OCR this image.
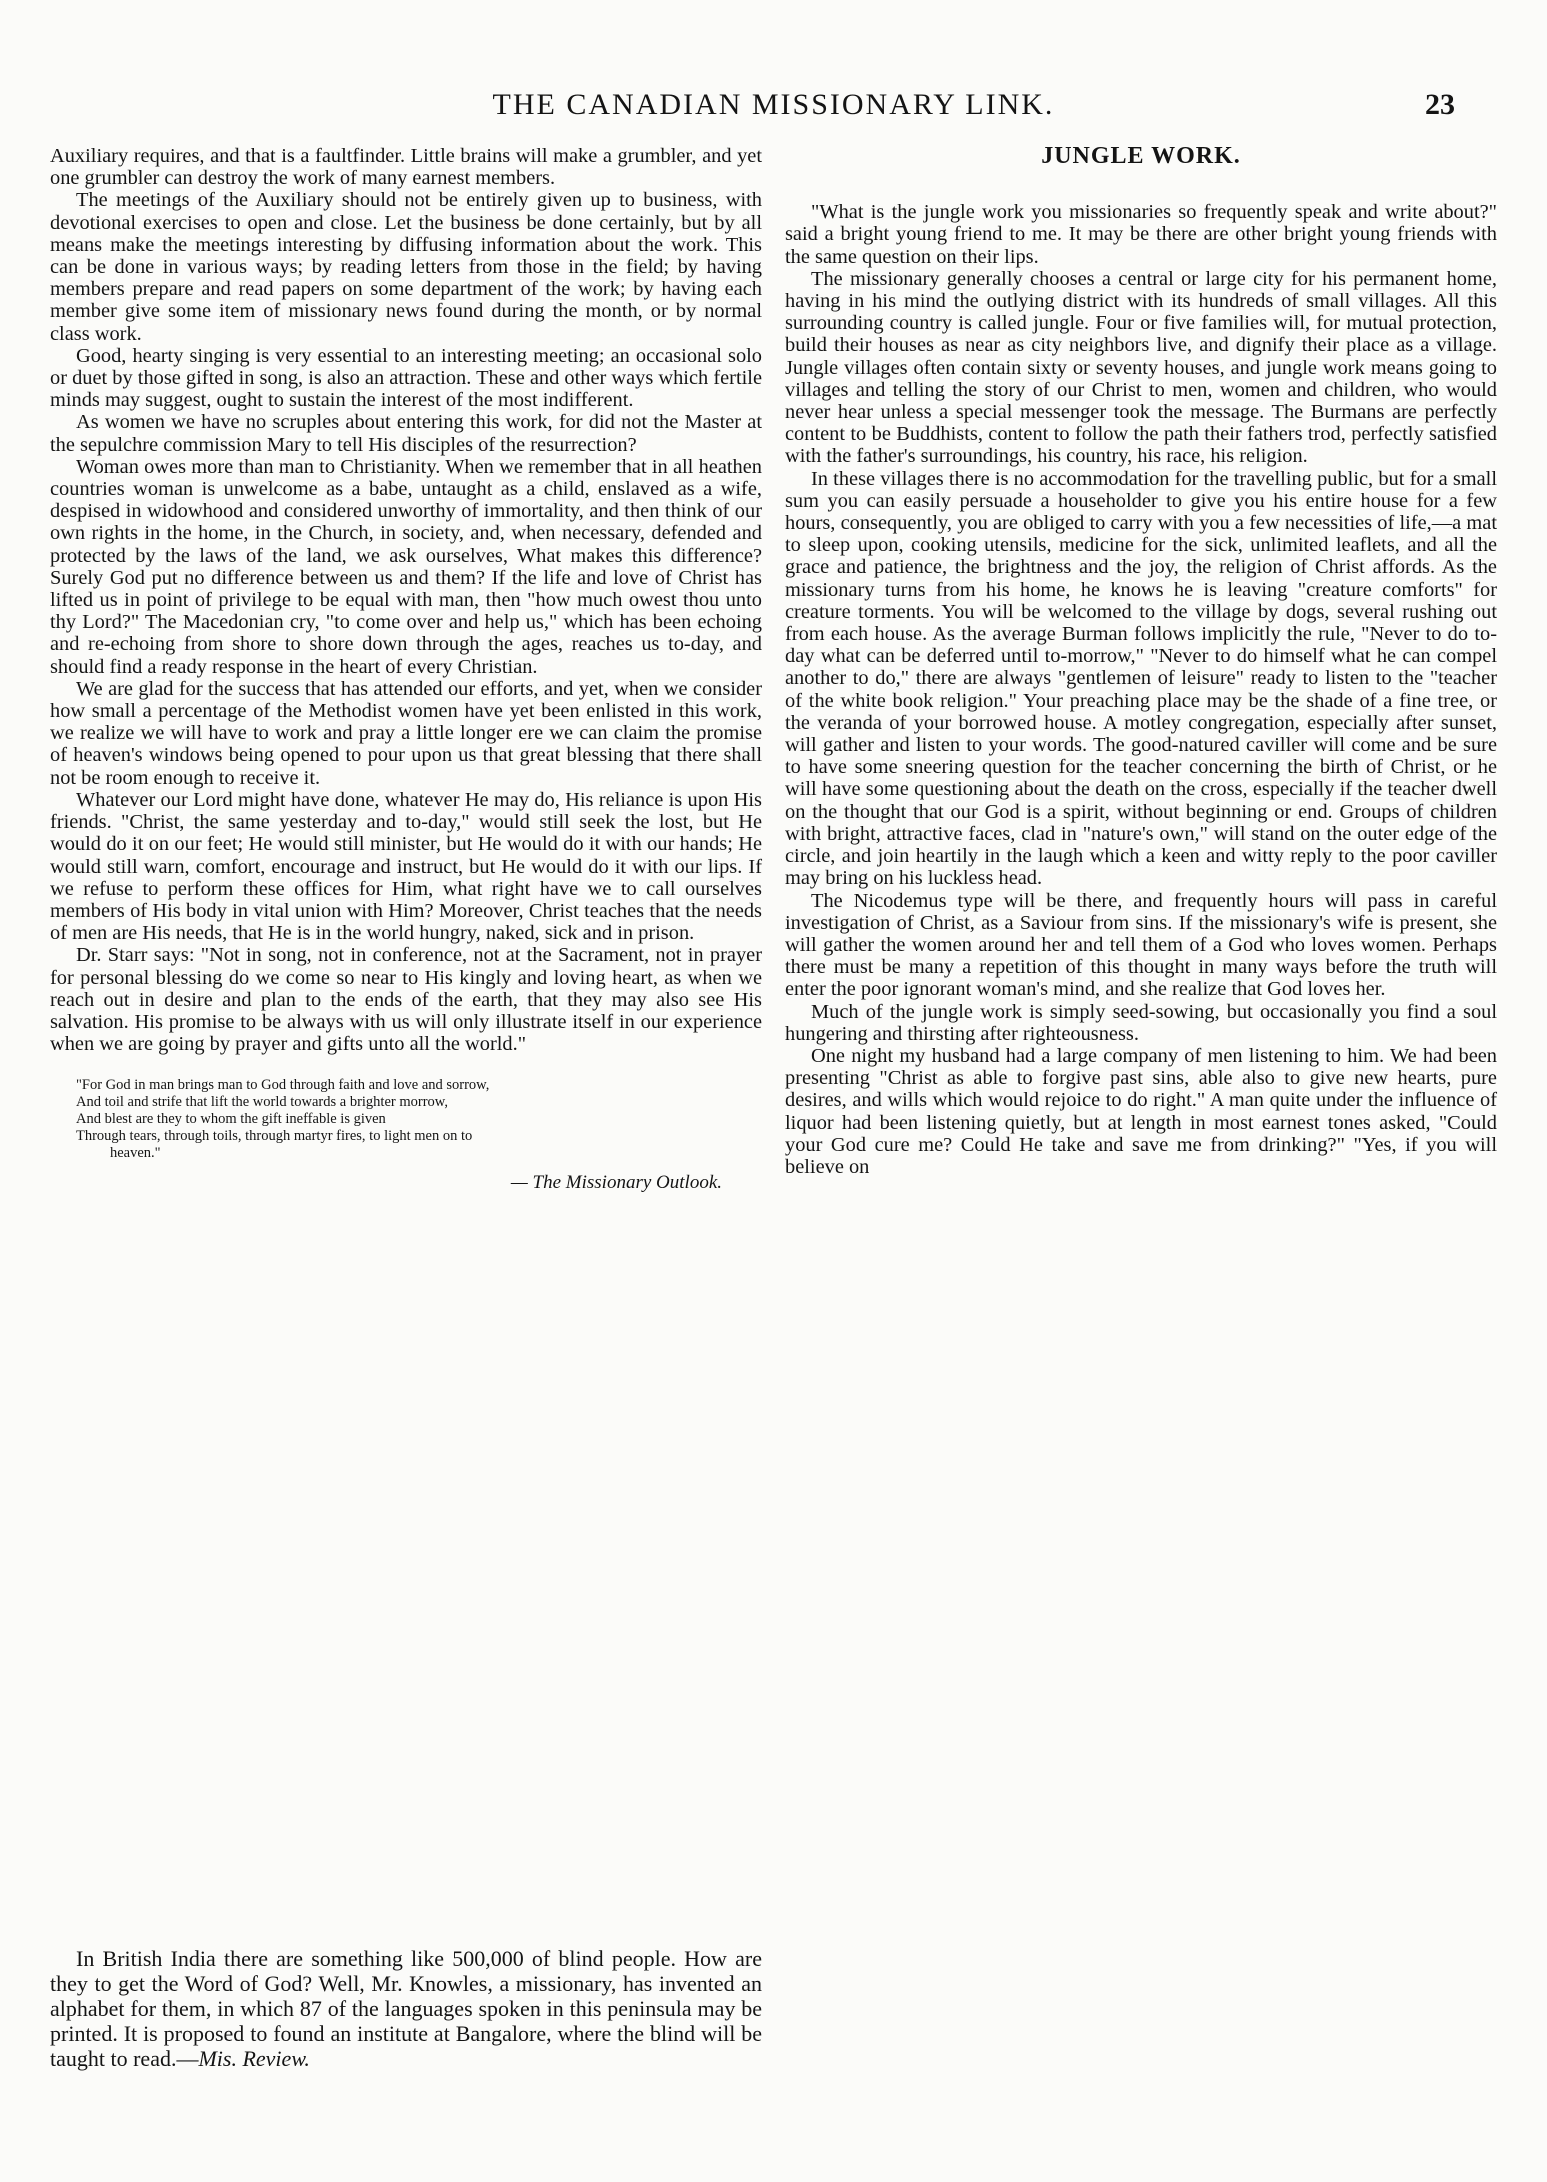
THE CANADIAN MISSIONARY LINK.	23

Auxiliary requires, and that is a faultfinder. Little brains will make a grumbler, and yet one grumbler can destroy the work of many earnest members.

The meetings of the Auxiliary should not be entirely given up to business, with devotional exercises to open and close. Let the business be done certainly, but by all means make the meetings interesting by diffusing information about the work. This can be done in various ways; by reading letters from those in the field; by having members prepare and read papers on some department of the work; by having each member give some item of missionary news found during the month, or by normal class work.

Good, hearty singing is very essential to an interesting meeting; an occasional solo or duet by those gifted in song, is also an attraction. These and other ways which fertile minds may suggest, ought to sustain the interest of the most indifferent.

As women we have no scruples about entering this work, for did not the Master at the sepulchre commission Mary to tell His disciples of the resurrection?

Woman owes more than man to Christianity. When we remember that in all heathen countries woman is unwelcome as a babe, untaught as a child, enslaved as a wife, despised in widowhood and considered unworthy of immortality, and then think of our own rights in the home, in the Church, in society, and, when necessary, defended and protected by the laws of the land, we ask ourselves, What makes this difference? Surely God put no difference between us and them? If the life and love of Christ has lifted us in point of privilege to be equal with man, then "how much owest thou unto thy Lord?" The Macedonian cry, "to come over and help us," which has been echoing and re-echoing from shore to shore down through the ages, reaches us to-day, and should find a ready response in the heart of every Christian.

We are glad for the success that has attended our efforts, and yet, when we consider how small a percentage of the Methodist women have yet been enlisted in this work, we realize we will have to work and pray a little longer ere we can claim the promise of heaven's windows being opened to pour upon us that great blessing that there shall not be room enough to receive it.

Whatever our Lord might have done, whatever He may do, His reliance is upon His friends. "Christ, the same yesterday and to-day," would still seek the lost, but He would do it on our feet; He would still minister, but He would do it with our hands; He would still warn, comfort, encourage and instruct, but He would do it with our lips. If we refuse to perform these offices for Him, what right have we to call ourselves members of His body in vital union with Him? Moreover, Christ teaches that the needs of men are His needs, that He is in the world hungry, naked, sick and in prison.

Dr. Starr says: "Not in song, not in conference, not at the Sacrament, not in prayer for personal blessing do we come so near to His kingly and loving heart, as when we reach out in desire and plan to the ends of the earth, that they may also see His salvation. His promise to be always with us will only illustrate itself in our experience when we are going by prayer and gifts unto all the world."

"For God in man brings man to God through faith and love and sorrow,
And toil and strife that lift the world towards a brighter morrow,
And blest are they to whom the gift ineffable is given
Through tears, through toils, through martyr fires, to light men on to
heaven."
— The Missionary Outlook.

In British India there are something like 500,000 of blind people. How are they to get the Word of God? Well, Mr. Knowles, a missionary, has invented an alphabet for them, in which 87 of the languages spoken in this peninsula may be printed. It is proposed to found an institute at Bangalore, where the blind will be taught to read.—Mis. Review.

JUNGLE WORK.

"What is the jungle work you missionaries so frequently speak and write about?" said a bright young friend to me. It may be there are other bright young friends with the same question on their lips.

The missionary generally chooses a central or large city for his permanent home, having in his mind the outlying district with its hundreds of small villages. All this surrounding country is called jungle. Four or five families will, for mutual protection, build their houses as near as city neighbors live, and dignify their place as a village. Jungle villages often contain sixty or seventy houses, and jungle work means going to villages and telling the story of our Christ to men, women and children, who would never hear unless a special messenger took the message. The Burmans are perfectly content to be Buddhists, content to follow the path their fathers trod, perfectly satisfied with the father's surroundings, his country, his race, his religion.

In these villages there is no accommodation for the travelling public, but for a small sum you can easily persuade a householder to give you his entire house for a few hours, consequently, you are obliged to carry with you a few necessities of life,—a mat to sleep upon, cooking utensils, medicine for the sick, unlimited leaflets, and all the grace and patience, the brightness and the joy, the religion of Christ affords. As the missionary turns from his home, he knows he is leaving "creature comforts" for creature torments. You will be welcomed to the village by dogs, several rushing out from each house. As the average Burman follows implicitly the rule, "Never to do to-day what can be deferred until to-morrow," "Never to do himself what he can compel another to do," there are always "gentlemen of leisure" ready to listen to the "teacher of the white book religion." Your preaching place may be the shade of a fine tree, or the veranda of your borrowed house. A motley congregation, especially after sunset, will gather and listen to your words. The good-natured caviller will come and be sure to have some sneering question for the teacher concerning the birth of Christ, or he will have some questioning about the death on the cross, especially if the teacher dwell on the thought that our God is a spirit, without beginning or end. Groups of children with bright, attractive faces, clad in "nature's own," will stand on the outer edge of the circle, and join heartily in the laugh which a keen and witty reply to the poor caviller may bring on his luckless head.

The Nicodemus type will be there, and frequently hours will pass in careful investigation of Christ, as a Saviour from sins. If the missionary's wife is present, she will gather the women around her and tell them of a God who loves women. Perhaps there must be many a repetition of this thought in many ways before the truth will enter the poor ignorant woman's mind, and she realize that God loves her.

Much of the jungle work is simply seed-sowing, but occasionally you find a soul hungering and thirsting after righteousness.

One night my husband had a large company of men listening to him. We had been presenting "Christ as able to forgive past sins, able also to give new hearts, pure desires, and wills which would rejoice to do right." A man quite under the influence of liquor had been listening quietly, but at length in most earnest tones asked, "Could your God cure me? Could He take and save me from drinking?" "Yes, if you will believe on
